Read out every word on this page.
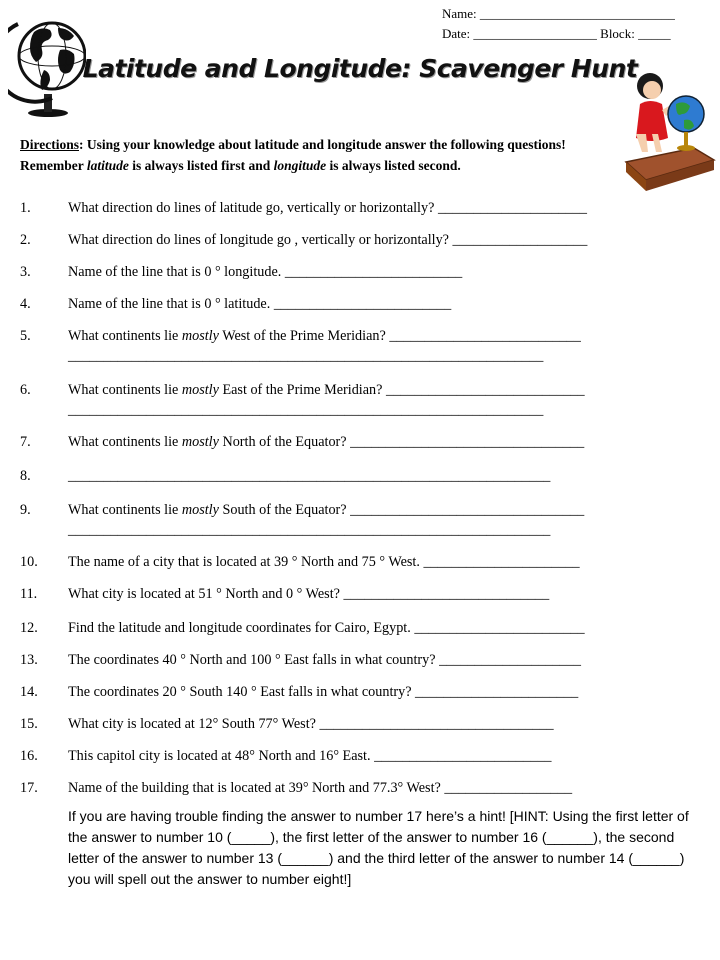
Name: ______________________________
Date: ___________________ Block: _____
Latitude and Longitude: Scavenger Hunt
Directions: Using your knowledge about latitude and longitude answer the following questions! Remember latitude is always listed first and longitude is always listed second.
1.	What direction do lines of latitude go, vertically or horizontally? _____________________
2.	What direction do lines of longitude go , vertically or horizontally? ___________________
3.	Name of the line that is 0 ° longitude. _________________________
4.	Name of the line that is 0 ° latitude. _________________________
5.	What continents lie mostly West of the Prime Meridian? ___________________________
___________________________________________________________________
6.	What continents lie mostly East of the Prime Meridian? ____________________________
___________________________________________________________________
7.	What continents lie mostly North of the Equator? _________________________________
8.	____________________________________________________________________
9.	What continents lie mostly South of the Equator? _________________________________
____________________________________________________________________
10. The name of a city that is located at 39 ° North and 75 ° West. ______________________
11. What city is located at 51 ° North and 0 ° West? _____________________________
12. Find the latitude and longitude coordinates for Cairo, Egypt. ________________________
13. The coordinates 40 ° North and 100 ° East falls in what country? ____________________
14. The coordinates 20 ° South 140 ° East falls in what country? _______________________
15. What city is located at 12° South 77° West? _________________________________
16. This capitol city is located at 48° North and 16° East. _________________________
17. Name of the building that is located at 39° North and 77.3° West? __________________
If you are having trouble finding the answer to number 17 here’s a hint! [HINT: Using the first letter of the answer to number 10 (_____), the first letter of the answer to number 16 (______), the second letter of the answer to number 13 (______) and the third letter of the answer to number 14 (______) you will spell out the answer to number eight!]
